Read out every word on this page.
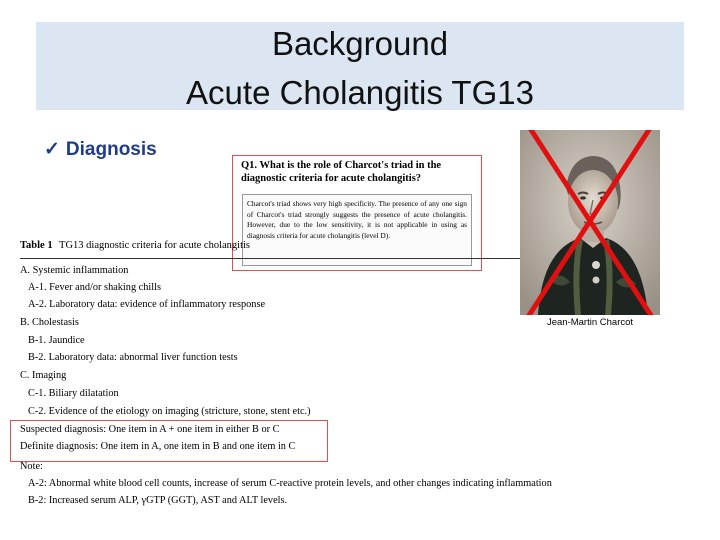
Background
Acute Cholangitis TG13
✓ Diagnosis
Q1. What is the role of Charcot's triad in the diagnostic criteria for acute cholangitis?
Charcot's triad shows very high specificity. The presence of any one sign of Charcot's triad strongly suggests the presence of acute cholangitis. However, due to the low sensitivity, it is not applicable in using as diagnosis criteria for acute cholangitis (level D).
Table 1 TG13 diagnostic criteria for acute cholangitis
A. Systemic inflammation
A-1. Fever and/or shaking chills
A-2. Laboratory data: evidence of inflammatory response
B. Cholestasis
B-1. Jaundice
B-2. Laboratory data: abnormal liver function tests
C. Imaging
C-1. Biliary dilatation
C-2. Evidence of the etiology on imaging (stricture, stone, stent etc.)
Suspected diagnosis: One item in A + one item in either B or C
Definite diagnosis: One item in A, one item in B and one item in C
Note:
A-2: Abnormal white blood cell counts, increase of serum C-reactive protein levels, and other changes indicating inflammation
B-2: Increased serum ALP, γGTP (GGT), AST and ALT levels.
Jean-Martin Charcot
